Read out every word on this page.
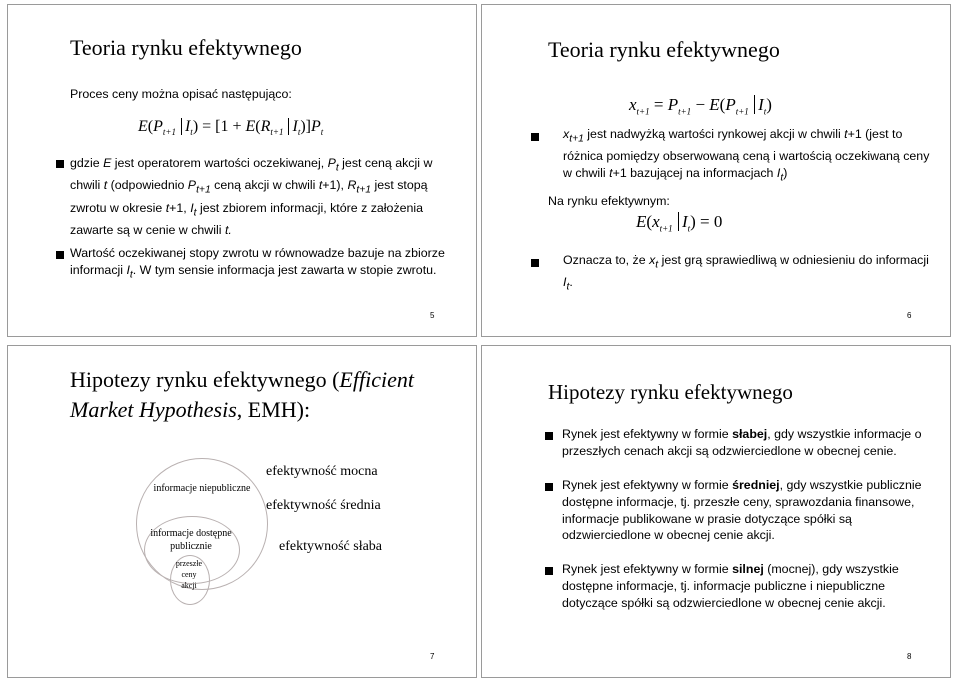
Teoria rynku efektywnego

Proces ceny można opisać następująco:

$E(P_{t+1}$ $I_t) = [1 + E(R_{t+1}$ $I_t)]P_t$

gdzie E jest operatorem wartości oczekiwanej, $P_t$ jest ceną akcji w chwili t (odpowiednio $P_{t+1}$ ceną akcji w chwili t+1), $R_{t+1}$ jest stopą zwrotu w okresie t+1, $I_t$ jest zbiorem informacji, które z założenia zawarte są w cenie w chwili t.

Wartość oczekiwanej stopy zwrotu w równowadze bazuje na zbiorze informacji $I_t$. W tym sensie informacja jest zawarta w stopie zwrotu.

5
Teoria rynku efektywnego
$x_{t+1} = P_{t+1} - E(P_{t+1}$ $I_t$)

$x_{t+1}$ jest nadwyżką wartości rynkowej akcji w chwili t+1 (jest to różnica pomiędzy obserwowaną ceną i wartością oczekiwaną ceny w chwili t+1 bazującej na informacjach $I_t$)

Na rynku efektywnym:

$E(x_{t+1}$ $I_t) = 0$

Oznacza to, że $x_t$ jest grą sprawiedliwą w odniesieniu do informacji $I_t$.

6
Hipotezy rynku efektywnego (Efficient Market Hypothesis, EMH):
informacje niepubliczne
informacje dostępne
publicznie
przeszłe
ceny
akcji
efektywność mocna
efektywność średnia
efektywność słaba
7
Hipotezy rynku efektywnego

Rynek jest efektywny w formie słabej, gdy wszystkie informacje o przeszłych cenach akcji są odzwierciedlone w obecnej cenie.

Rynek jest efektywny w formie średniej, gdy wszystkie publicznie dostępne informacje, tj. przeszłe ceny, sprawozdania finansowe, informacje publikowane w prasie dotyczące spółki są odzwierciedlone w obecnej cenie akcji.

Rynek jest efektywny w formie silnej (mocnej), gdy wszystkie dostępne informacje, tj. informacje publiczne i niepubliczne dotyczące spółki są odzwierciedlone w obecnej cenie akcji.

8
